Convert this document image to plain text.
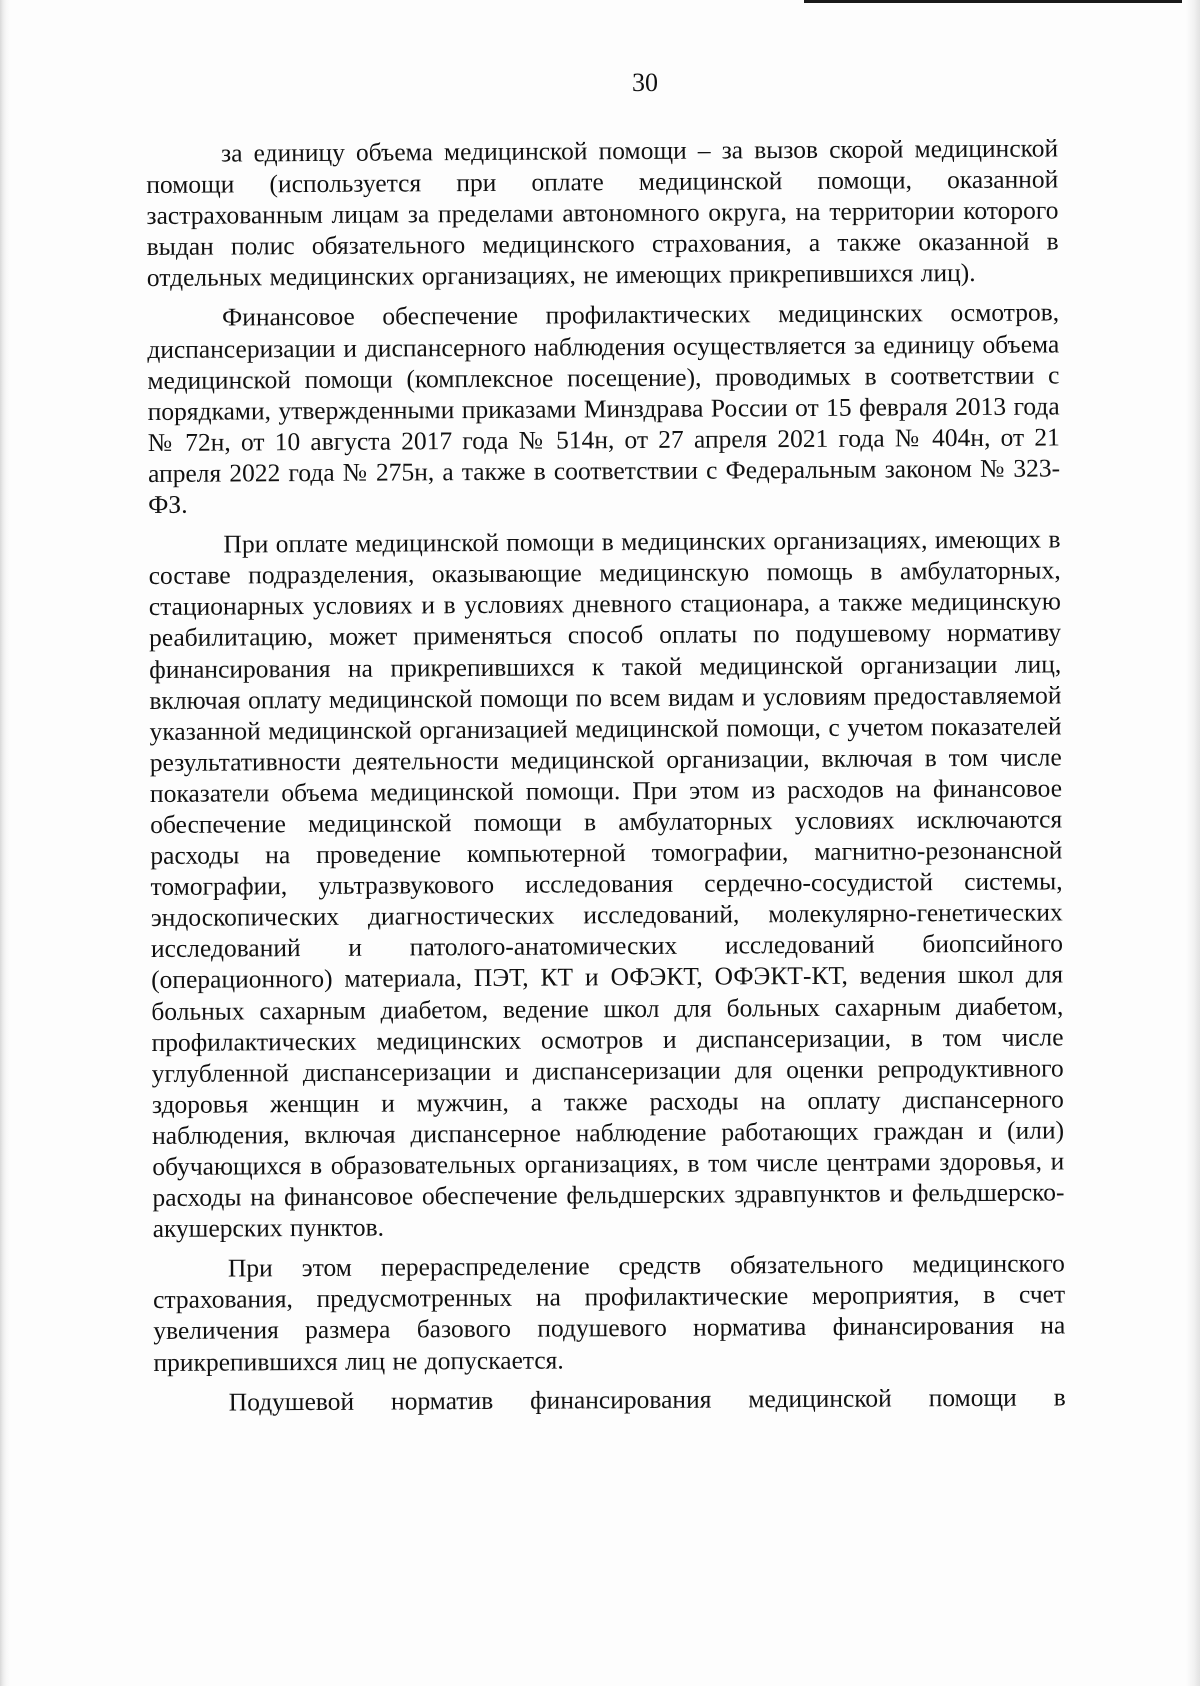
30

за единицу объема медицинской помощи – за вызов скорой медицинской помощи (используется при оплате медицинской помощи, оказанной застрахованным лицам за пределами автономного округа, на территории которого выдан полис обязательного медицинского страхования, а также оказанной в отдельных медицинских организациях, не имеющих прикрепившихся лиц).

Финансовое обеспечение профилактических медицинских осмотров, диспансеризации и диспансерного наблюдения осуществляется за единицу объема медицинской помощи (комплексное посещение), проводимых в соответствии с порядками, утвержденными приказами Минздрава России от 15 февраля 2013 года № 72н, от 10 августа 2017 года № 514н, от 27 апреля 2021 года № 404н, от 21 апреля 2022 года № 275н, а также в соответствии с Федеральным законом № 323-ФЗ.

При оплате медицинской помощи в медицинских организациях, имеющих в составе подразделения, оказывающие медицинскую помощь в амбулаторных, стационарных условиях и в условиях дневного стационара, а также медицинскую реабилитацию, может применяться способ оплаты по подушевому нормативу финансирования на прикрепившихся к такой медицинской организации лиц, включая оплату медицинской помощи по всем видам и условиям предоставляемой указанной медицинской организацией медицинской помощи, с учетом показателей результативности деятельности медицинской организации, включая в том числе показатели объема медицинской помощи. При этом из расходов на финансовое обеспечение медицинской помощи в амбулаторных условиях исключаются расходы на проведение компьютерной томографии, магнитно-резонансной томографии, ультразвукового исследования сердечно-сосудистой системы, эндоскопических диагностических исследований, молекулярно-генетических исследований и патолого-анатомических исследований биопсийного (операционного) материала, ПЭТ, КТ и ОФЭКТ, ОФЭКТ-КТ, ведения школ для больных сахарным диабетом, ведение школ для больных сахарным диабетом, профилактических медицинских осмотров и диспансеризации, в том числе углубленной диспансеризации и диспансеризации для оценки репродуктивного здоровья женщин и мужчин, а также расходы на оплату диспансерного наблюдения, включая диспансерное наблюдение работающих граждан и (или) обучающихся в образовательных организациях, в том числе центрами здоровья, и расходы на финансовое обеспечение фельдшерских здравпунктов и фельдшерско-акушерских пунктов.

При этом перераспределение средств обязательного медицинского страхования, предусмотренных на профилактические мероприятия, в счет увеличения размера базового подушевого норматива финансирования на прикрепившихся лиц не допускается.

Подушевой норматив финансирования медицинской помощи в
